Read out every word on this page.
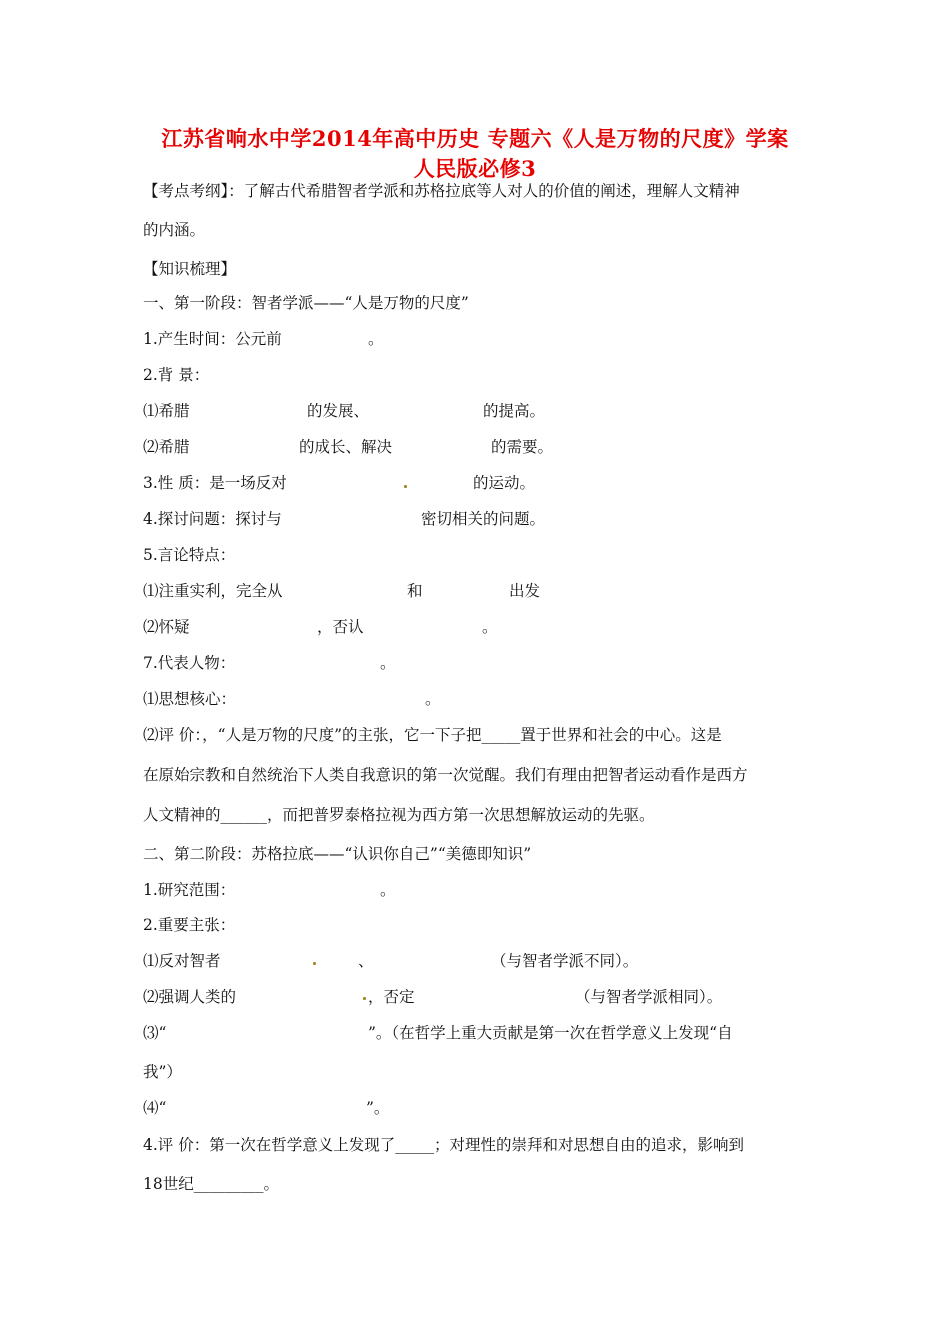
江苏省响水中学2014年高中历史 专题六《人是万物的尺度》学案
人民版必修3
【考点考纲】：了解古代希腊智者学派和苏格拉底等人对人的价值的阐述，理解人文精神
的内涵。
【知识梳理】
一、第一阶段：智者学派——“人是万物的尺度”
1.产生时间：公元前	。
2.背 景：
⑴希腊	的发展、	的提高。
⑵希腊	的成长、解决	的需要。
3.性 质：是一场反对	的运动。
4.探讨问题：探讨与	密切相关的问题。
5.言论特点：
⑴注重实利，完全从	和	出发
⑵怀疑	，否认	。
7.代表人物：	。
⑴思想核心：	。
⑵评 价：，“人是万物的尺度”的主张，它一下子把_____置于世界和社会的中心。这是
在原始宗教和自然统治下人类自我意识的第一次觉醒。我们有理由把智者运动看作是西方
人文精神的______，而把普罗泰格拉视为西方第一次思想解放运动的先驱。
二、第二阶段：苏格拉底——“认识你自己”“美德即知识”
1.研究范围：	。
2.重要主张：
⑴反对智者	、	（与智者学派不同）。
⑵强调人类的	，否定	（与智者学派相同）。
⑶“	”。（在哲学上重大贡献是第一次在哲学意义上发现“自
我”）
⑷“	”。
4.评 价：第一次在哲学意义上发现了_____；对理性的崇拜和对思想自由的追求，影响到
18世纪_________。
